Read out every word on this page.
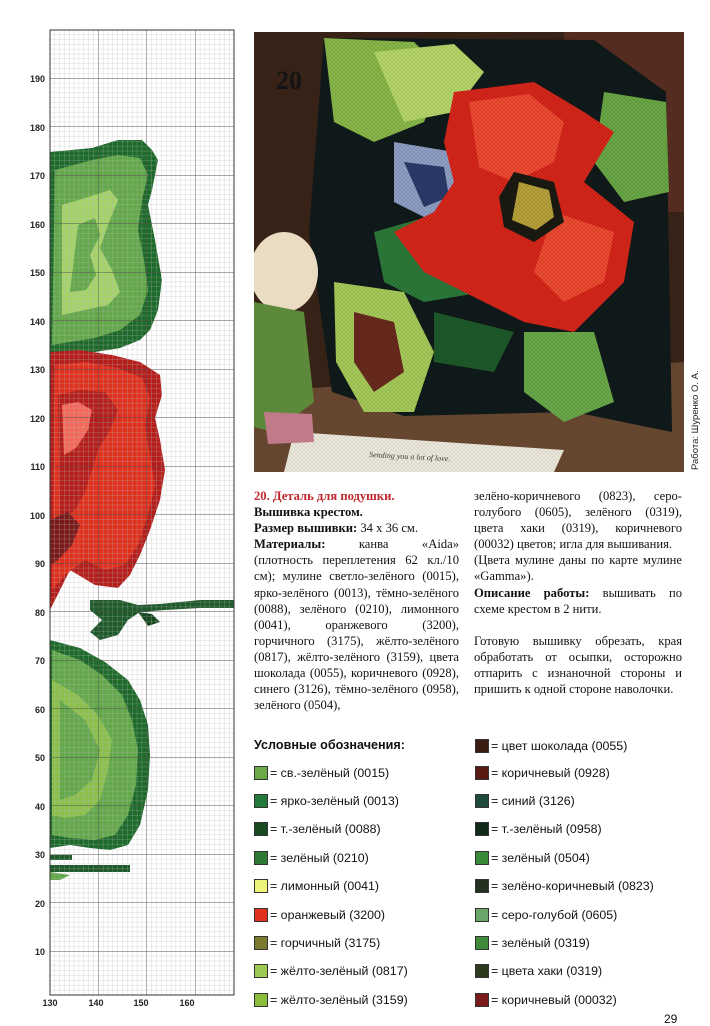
190
180
170
160
150
140
130
120
110
100
90
80
70
60
50
40
30
20
10
130	140	150	160
20
Работа: Шуренко О. А.
20. Деталь для подушки.
Вышивка крестом.
Размер вышивки: 34 х 36 см.
Материалы: канва «Aida» (плотность переплетения 62 кл./10 см); мулине светло-зелёного (0015), ярко-зелёного (0013), тёмно-зелёного (0088), зелёного (0210), лимонного (0041), оранжевого (3200), горчичного (3175), жёлто-зелёного (0817), жёлто-зелёного (3159), цвета шоколада (0055), коричневого (0928), синего (3126), тёмно-зелёного (0958), зелёного (0504),
зелёно-коричневого (0823), серо-голубого (0605), зелёного (0319), цвета хаки (0319), коричневого (00032) цветов; игла для вышивания.
(Цвета мулине даны по карте мулине «Gamma»).
Описание работы: вышивать по схеме крестом в 2 нити.
Готовую вышивку обрезать, края обработать от осыпки, осторожно отпарить с изнаночной стороны и пришить к одной стороне наволочки.
Условные обозначения:
= св.-зелёный (0015)
= ярко-зелёный (0013)
= т.-зелёный (0088)
= зелёный (0210)
= лимонный (0041)
= оранжевый (3200)
= горчичный (3175)
= жёлто-зелёный (0817)
= жёлто-зелёный (3159)
= цвет шоколада (0055)
= коричневый (0928)
= синий (3126)
= т.-зелёный (0958)
= зелёный (0504)
= зелёно-коричневый (0823)
= серо-голубой (0605)
= зелёный (0319)
= цвета хаки (0319)
= коричневый (00032)
29
